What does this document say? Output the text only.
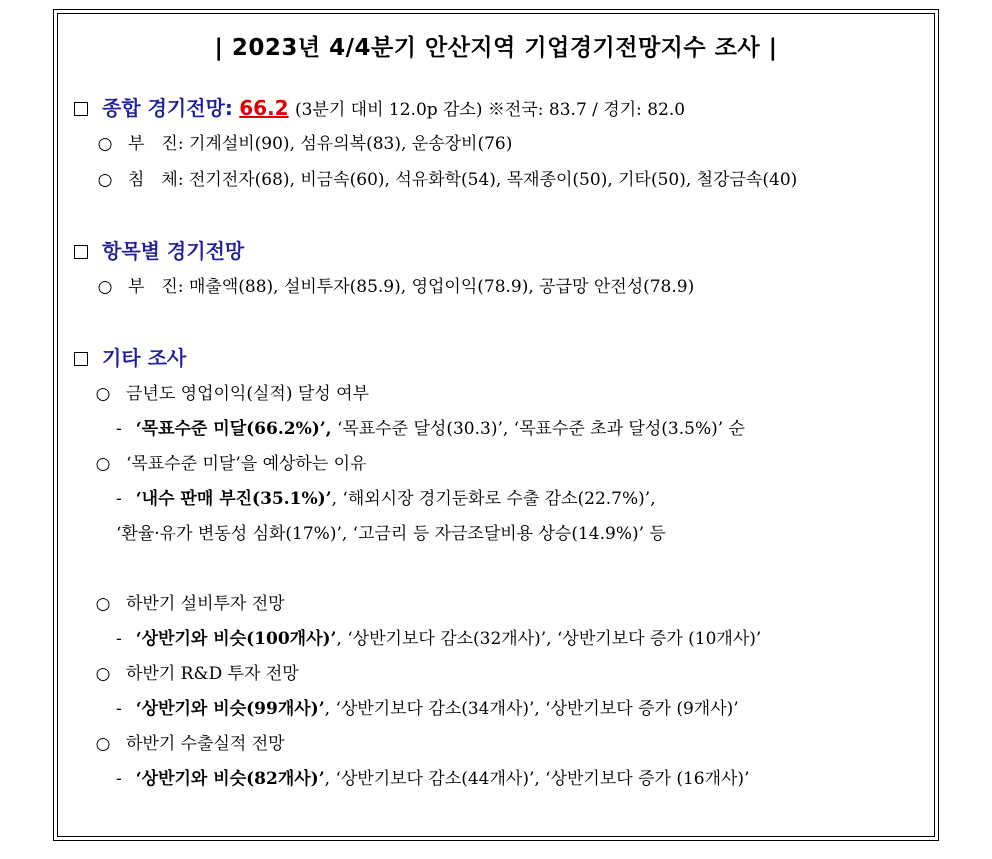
| 2023년 4/4분기 안산지역 기업경기전망지수 조사 |
종합 경기전망: 66.2 (3분기 대비 12.0p 감소) ※전국: 83.7 / 경기: 82.0
○ 부　진: 기계설비(90), 섬유의복(83), 운송장비(76)
○ 침　체: 전기전자(68), 비금속(60), 석유화학(54), 목재종이(50), 기타(50), 철강금속(40)
항목별 경기전망
○ 부　진: 매출액(88), 설비투자(85.9), 영업이익(78.9), 공급망 안전성(78.9)
기타 조사
○ 금년도 영업이익(실적) 달성 여부
- ‘목표수준 미달(66.2%)’, ‘목표수준 달성(30.3)’, ‘목표수준 초과 달성(3.5%)’ 순
○ ‘목표수준 미달’을 예상하는 이유
- ‘내수 판매 부진(35.1%)’, ‘해외시장 경기둔화로 수출 감소(22.7%)’,
‘환율·유가 변동성 심화(17%)’, ‘고금리 등 자금조달비용 상승(14.9%)’ 등
○ 하반기 설비투자 전망
- ‘상반기와 비슷(100개사)’, ‘상반기보다 감소(32개사)’, ‘상반기보다 증가 (10개사)’
○ 하반기 R&D 투자 전망
- ‘상반기와 비슷(99개사)’, ‘상반기보다 감소(34개사)’, ‘상반기보다 증가 (9개사)’
○ 하반기 수출실적 전망
- ‘상반기와 비슷(82개사)’, ‘상반기보다 감소(44개사)’, ‘상반기보다 증가 (16개사)’
